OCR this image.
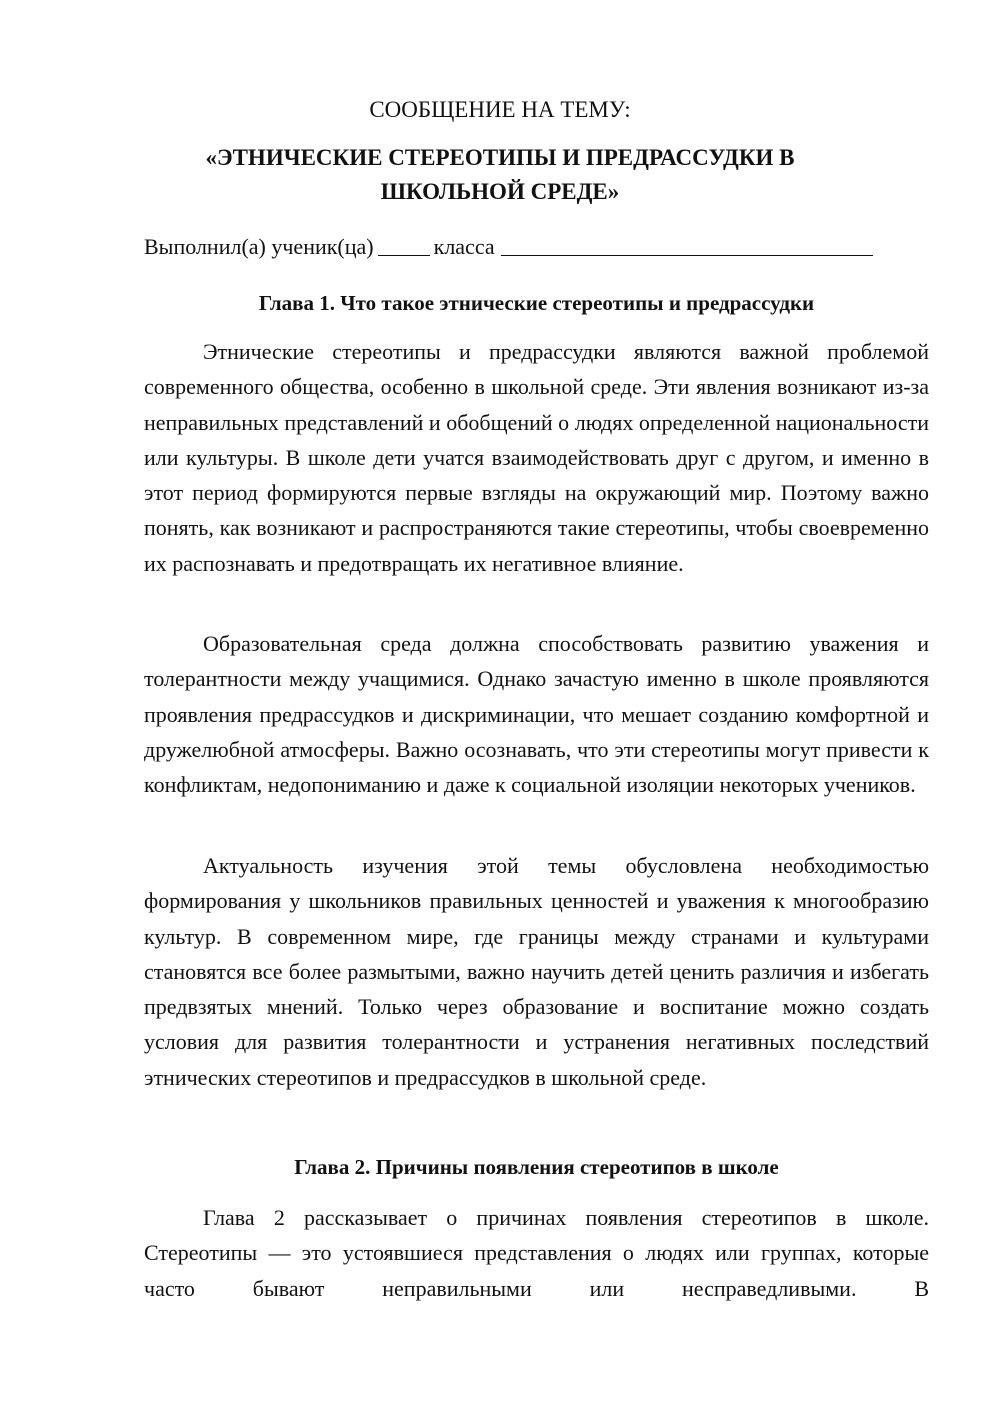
СООБЩЕНИЕ НА ТЕМУ:
«ЭТНИЧЕСКИЕ СТЕРЕОТИПЫ И ПРЕДРАССУДКИ В
ШКОЛЬНОЙ СРЕДЕ»
Выполнил(а) ученик(ца)	класса
Глава 1. Что такое этнические стереотипы и предрассудки

Этнические стереотипы и предрассудки являются важной проблемой современного общества, особенно в школьной среде. Эти явления возникают из-за неправильных представлений и обобщений о людях определенной национальности или культуры. В школе дети учатся взаимодействовать друг с другом, и именно в этот период формируются первые взгляды на окружающий мир. Поэтому важно понять, как возникают и распространяются такие стереотипы, чтобы своевременно их распознавать и предотвращать их негативное влияние.

Образовательная среда должна способствовать развитию уважения и толерантности между учащимися. Однако зачастую именно в школе проявляются проявления предрассудков и дискриминации, что мешает созданию комфортной и дружелюбной атмосферы. Важно осознавать, что эти стереотипы могут привести к конфликтам, недопониманию и даже к социальной изоляции некоторых учеников.

Актуальность изучения этой темы обусловлена необходимостью формирования у школьников правильных ценностей и уважения к многообразию культур. В современном мире, где границы между странами и культурами становятся все более размытыми, важно научить детей ценить различия и избегать предвзятых мнений. Только через образование и воспитание можно создать условия для развития толерантности и устранения негативных последствий этнических стереотипов и предрассудков в школьной среде.

Глава 2. Причины появления стереотипов в школе

Глава 2 рассказывает о причинах появления стереотипов в школе. Стереотипы — это устоявшиеся представления о людях или группах, которые часто бывают неправильными или несправедливыми. В
